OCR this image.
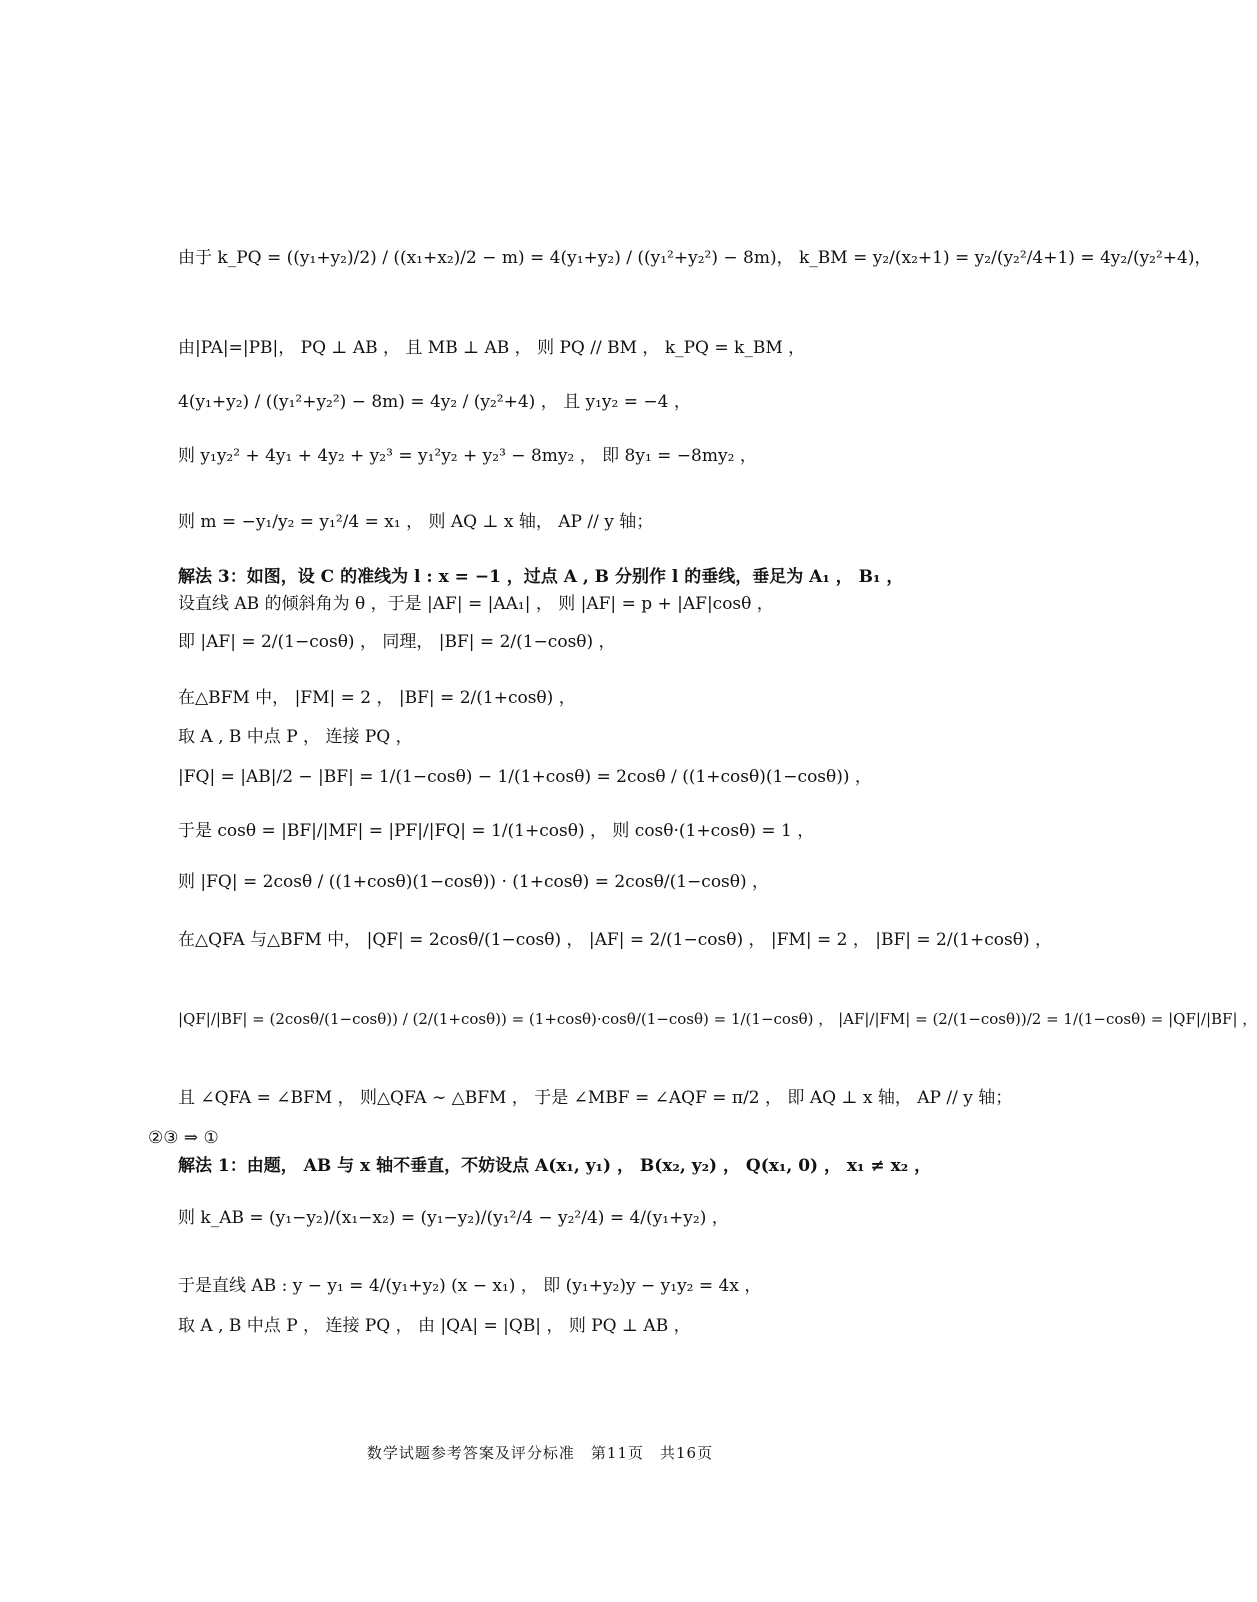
由于 k_PQ = ((y₁+y₂)/2) / ((x₁+x₂)/2 − m) = 4(y₁+y₂) / ((y₁²+y₂²) − 8m)， k_BM = y₂/(x₂+1) = y₂/(y₂²/4+1) = 4y₂/(y₂²+4)，
由|PA|=|PB|， PQ ⊥ AB ， 且 MB ⊥ AB ， 则 PQ // BM ， k_PQ = k_BM ，
4(y₁+y₂) / ((y₁²+y₂²) − 8m) = 4y₂ / (y₂²+4) ， 且 y₁y₂ = −4 ，
则 y₁y₂² + 4y₁ + 4y₂ + y₂³ = y₁²y₂ + y₂³ − 8my₂ ， 即 8y₁ = −8my₂ ，
则 m = −y₁/y₂ = y₁²/4 = x₁ ， 则 AQ ⊥ x 轴， AP // y 轴；
解法 3：如图，设 C 的准线为 l : x = −1 ，过点 A , B 分别作 l 的垂线，垂足为 A₁ ， B₁ ，
设直线 AB 的倾斜角为 θ ，于是 |AF| = |AA₁| ， 则 |AF| = p + |AF|cosθ ，
即 |AF| = 2/(1−cosθ) ， 同理， |BF| = 2/(1−cosθ) ，
在△BFM 中， |FM| = 2 ， |BF| = 2/(1+cosθ) ，
取 A , B 中点 P ， 连接 PQ ，
|FQ| = |AB|/2 − |BF| = 1/(1−cosθ) − 1/(1+cosθ) = 2cosθ / ((1+cosθ)(1−cosθ)) ，
于是 cosθ = |BF|/|MF| = |PF|/|FQ| = 1/(1+cosθ) ， 则 cosθ·(1+cosθ) = 1 ，
则 |FQ| = 2cosθ / ((1+cosθ)(1−cosθ)) · (1+cosθ) = 2cosθ/(1−cosθ) ，
在△QFA 与△BFM 中， |QF| = 2cosθ/(1−cosθ) ， |AF| = 2/(1−cosθ) ， |FM| = 2 ， |BF| = 2/(1+cosθ) ，
|QF|/|BF| = (2cosθ/(1−cosθ)) / (2/(1+cosθ)) = (1+cosθ)·cosθ/(1−cosθ) = 1/(1−cosθ) ， |AF|/|FM| = (2/(1−cosθ))/2 = 1/(1−cosθ) = |QF|/|BF| ，
且 ∠QFA = ∠BFM ， 则△QFA ∼ △BFM ， 于是 ∠MBF = ∠AQF = π/2 ， 即 AQ ⊥ x 轴， AP // y 轴；
②③ ⇒ ①
解法 1：由题， AB 与 x 轴不垂直，不妨设点 A(x₁, y₁) ， B(x₂, y₂) ， Q(x₁, 0) ， x₁ ≠ x₂ ，
则 k_AB = (y₁−y₂)/(x₁−x₂) = (y₁−y₂)/(y₁²/4 − y₂²/4) = 4/(y₁+y₂) ，
于是直线 AB : y − y₁ = 4/(y₁+y₂) (x − x₁) ， 即 (y₁+y₂)y − y₁y₂ = 4x ，
取 A , B 中点 P ， 连接 PQ ， 由 |QA| = |QB| ， 则 PQ ⊥ AB ，
数学试题参考答案及评分标准　第11页　共16页
